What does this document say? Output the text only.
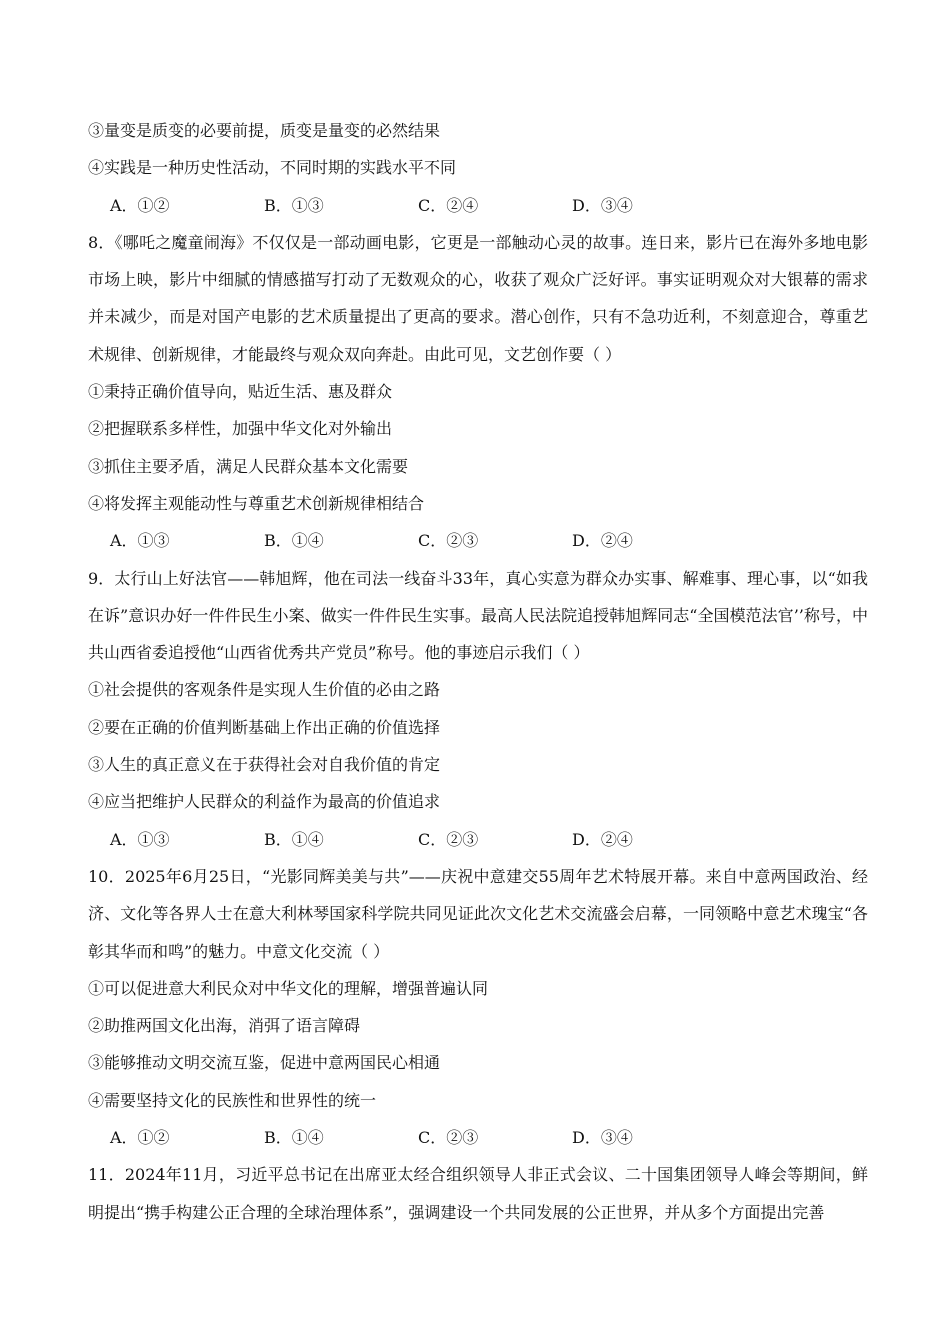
③量变是质变的必要前提，质变是量变的必然结果
④实践是一种历史性活动，不同时期的实践水平不同
A．①②	B．①③	C．②④	D．③④
8．《哪吒之魔童闹海》不仅仅是一部动画电影，它更是一部触动心灵的故事。连日来，影片已在海外多地电影市场上映，影片中细腻的情感描写打动了无数观众的心，收获了观众广泛好评。事实证明观众对大银幕的需求并未减少，而是对国产电影的艺术质量提出了更高的要求。潜心创作，只有不急功近利，不刻意迎合，尊重艺术规律、创新规律，才能最终与观众双向奔赴。由此可见，文艺创作要（ ）
①秉持正确价值导向，贴近生活、惠及群众
②把握联系多样性，加强中华文化对外输出
③抓住主要矛盾，满足人民群众基本文化需要
④将发挥主观能动性与尊重艺术创新规律相结合
A．①③	B．①④	C．②③	D．②④
9．太行山上好法官——韩旭辉，他在司法一线奋斗33年，真心实意为群众办实事、解难事、理心事，以“如我在诉”意识办好一件件民生小案、做实一件件民生实事。最高人民法院追授韩旭辉同志“全国模范法官’’称号，中共山西省委追授他“山西省优秀共产党员”称号。他的事迹启示我们（ ）
①社会提供的客观条件是实现人生价值的必由之路
②要在正确的价值判断基础上作出正确的价值选择
③人生的真正意义在于获得社会对自我价值的肯定
④应当把维护人民群众的利益作为最高的价值追求
A．①③	B．①④	C．②③	D．②④
10．2025年6月25日，“光影同辉美美与共”——庆祝中意建交55周年艺术特展开幕。来自中意两国政治、经济、文化等各界人士在意大利林琴国家科学院共同见证此次文化艺术交流盛会启幕，一同领略中意艺术瑰宝“各彰其华而和鸣”的魅力。中意文化交流（ ）
①可以促进意大利民众对中华文化的理解，增强普遍认同
②助推两国文化出海，消弭了语言障碍
③能够推动文明交流互鉴，促进中意两国民心相通
④需要坚持文化的民族性和世界性的统一
A．①②	B．①④	C．②③	D．③④
11．2024年11月，习近平总书记在出席亚太经合组织领导人非正式会议、二十国集团领导人峰会等期间，鲜明提出“携手构建公正合理的全球治理体系”，强调建设一个共同发展的公正世界，并从多个方面提出完善
